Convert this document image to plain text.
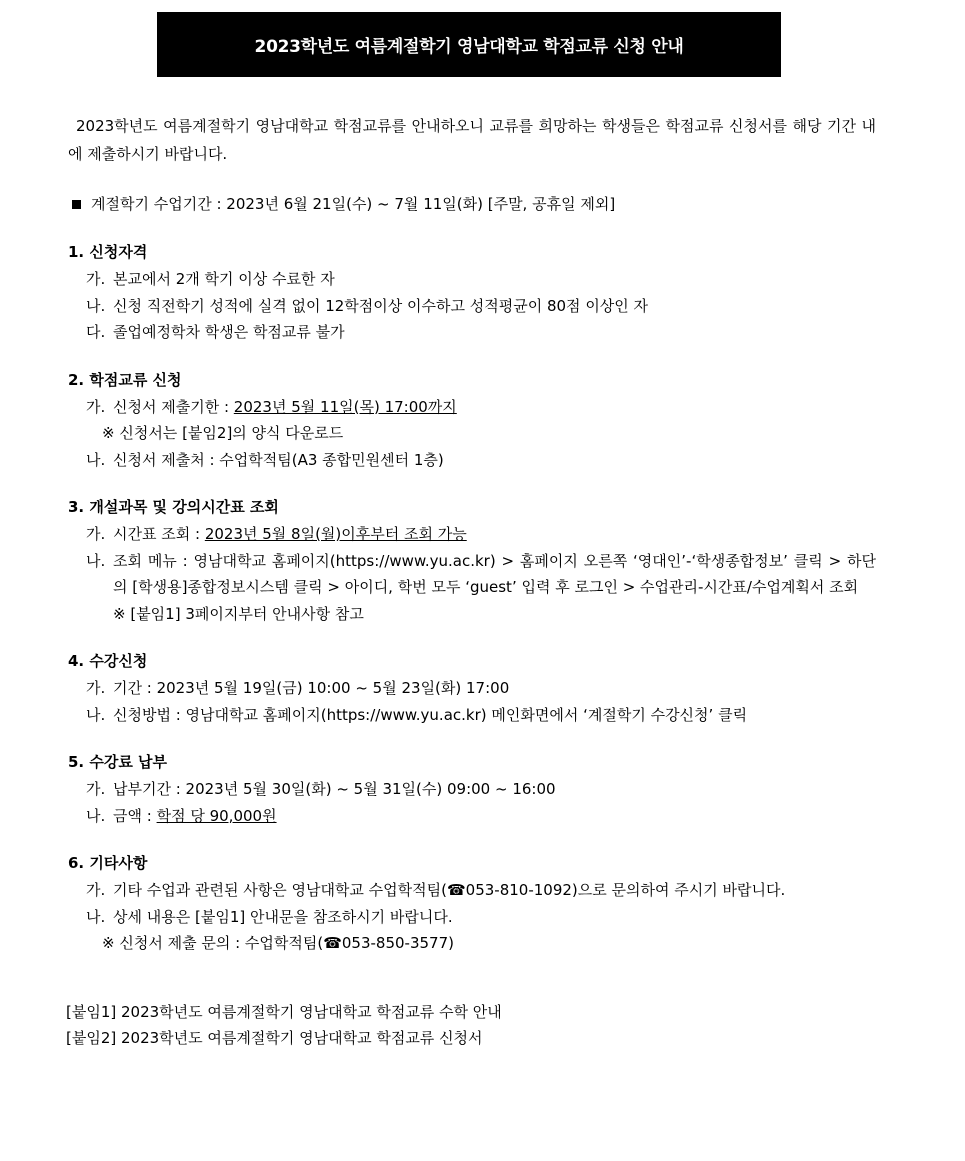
2023학년도 여름계절학기 영남대학교 학점교류 신청 안내

2023학년도 여름계절학기 영남대학교 학점교류를 안내하오니 교류를 희망하는 학생들은 학점교류 신청서를 해당 기간 내에 제출하시기 바랍니다.

계절학기 수업기간 : 2023년 6월 21일(수) ~ 7월 11일(화) [주말, 공휴일 제외]
1. 신청자격
가. 본교에서 2개 학기 이상 수료한 자
나. 신청 직전학기 성적에 실격 없이 12학점이상 이수하고 성적평균이 80점 이상인 자
다. 졸업예정학차 학생은 학점교류 불가
2. 학점교류 신청
가. 신청서 제출기한 : 2023년 5월 11일(목) 17:00까지
※ 신청서는 [붙임2]의 양식 다운로드
나. 신청서 제출처 : 수업학적팀(A3 종합민원센터 1층)
3. 개설과목 및 강의시간표 조회
가. 시간표 조회 : 2023년 5월 8일(월)이후부터 조회 가능
나. 조회 메뉴 : 영남대학교 홈페이지(https://www.yu.ac.kr) > 홈페이지 오른쪽 ‘영대인’-‘학생종합정보’ 클릭 > 하단의 [학생용]종합정보시스템 클릭 > 아이디, 학번 모두 ‘guest’ 입력 후 로그인 > 수업관리-시간표/수업계획서 조회
※ [붙임1] 3페이지부터 안내사항 참고
4. 수강신청
가. 기간 : 2023년 5월 19일(금) 10:00 ~ 5월 23일(화) 17:00
나. 신청방법 : 영남대학교 홈페이지(https://www.yu.ac.kr) 메인화면에서 ‘계절학기 수강신청’ 클릭
5. 수강료 납부
가. 납부기간 : 2023년 5월 30일(화) ~ 5월 31일(수) 09:00 ~ 16:00
나. 금액 : 학점 당 90,000원
6. 기타사항
가. 기타 수업과 관련된 사항은 영남대학교 수업학적팀(☎053-810-1092)으로 문의하여 주시기 바랍니다.
나. 상세 내용은 [붙임1] 안내문을 참조하시기 바랍니다.
※ 신청서 제출 문의 : 수업학적팀(☎053-850-3577)
[붙임1] 2023학년도 여름계절학기 영남대학교 학점교류 수학 안내
[붙임2] 2023학년도 여름계절학기 영남대학교 학점교류 신청서
